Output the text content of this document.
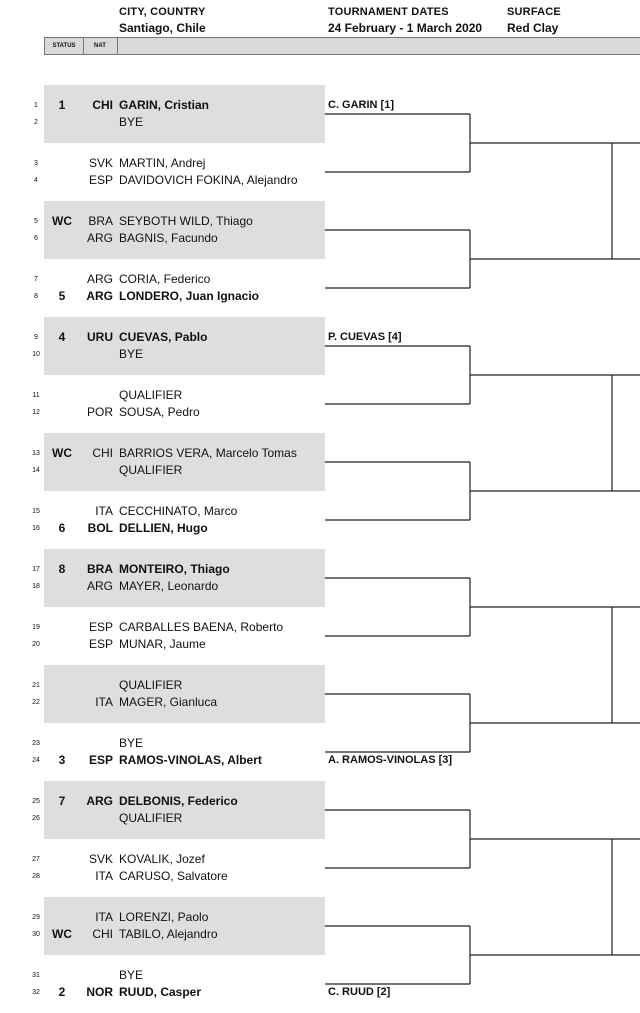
CITY, COUNTRY
Santiago, Chile
TOURNAMENT DATES
24 February - 1 March 2020
SURFACE
Red Clay
STATUS	NAT
1	1	CHI GARIN, Cristian
2	BYE
C. GARIN [1]
3	SVK MARTIN, Andrej
4	ESP DAVIDOVICH FOKINA, Alejandro
5	WC	BRA SEYBOTH WILD, Thiago
6	ARG BAGNIS, Facundo
7	ARG CORIA, Federico
8	5	ARG LONDERO, Juan Ignacio
9	4	URU CUEVAS, Pablo
10	BYE
P. CUEVAS [4]
11	QUALIFIER
12	POR SOUSA, Pedro
13	WC	CHI BARRIOS VERA, Marcelo Tomas
14	QUALIFIER
15	ITA CECCHINATO, Marco
16	6	BOL DELLIEN, Hugo
17	8	BRA MONTEIRO, Thiago
18	ARG MAYER, Leonardo
19	ESP CARBALLES BAENA, Roberto
20	ESP MUNAR, Jaume
21	QUALIFIER
22	ITA MAGER, Gianluca
23	BYE
24	3	ESP RAMOS-VINOLAS, Albert	A. RAMOS-VINOLAS [3]
25	7	ARG DELBONIS, Federico
26	QUALIFIER
27	SVK KOVALIK, Jozef
28	ITA CARUSO, Salvatore
29	ITA LORENZI, Paolo
30	WC	CHI TABILO, Alejandro
31	BYE
32	2	NOR RUUD, Casper	C. RUUD [2]
